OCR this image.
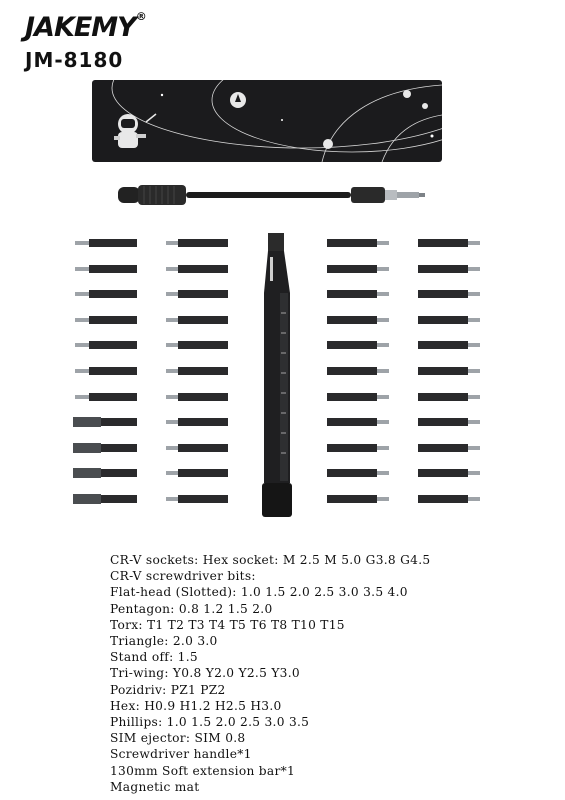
JAKEMY®
JM-8180
CR-V sockets: Hex socket: M 2.5 M 5.0 G3.8 G4.5
CR-V screwdriver bits:
Flat-head (Slotted): 1.0 1.5 2.0 2.5 3.0 3.5 4.0
Pentagon: 0.8 1.2 1.5 2.0
Torx: T1 T2 T3 T4 T5 T6 T8 T10 T15
Triangle: 2.0 3.0
Stand off: 1.5
Tri-wing: Y0.8 Y2.0 Y2.5 Y3.0
Pozidriv: PZ1 PZ2
Hex: H0.9 H1.2 H2.5 H3.0
Phillips: 1.0 1.5 2.0 2.5 3.0 3.5
SIM ejector: SIM 0.8
Screwdriver handle*1
130mm Soft extension bar*1
Magnetic mat
